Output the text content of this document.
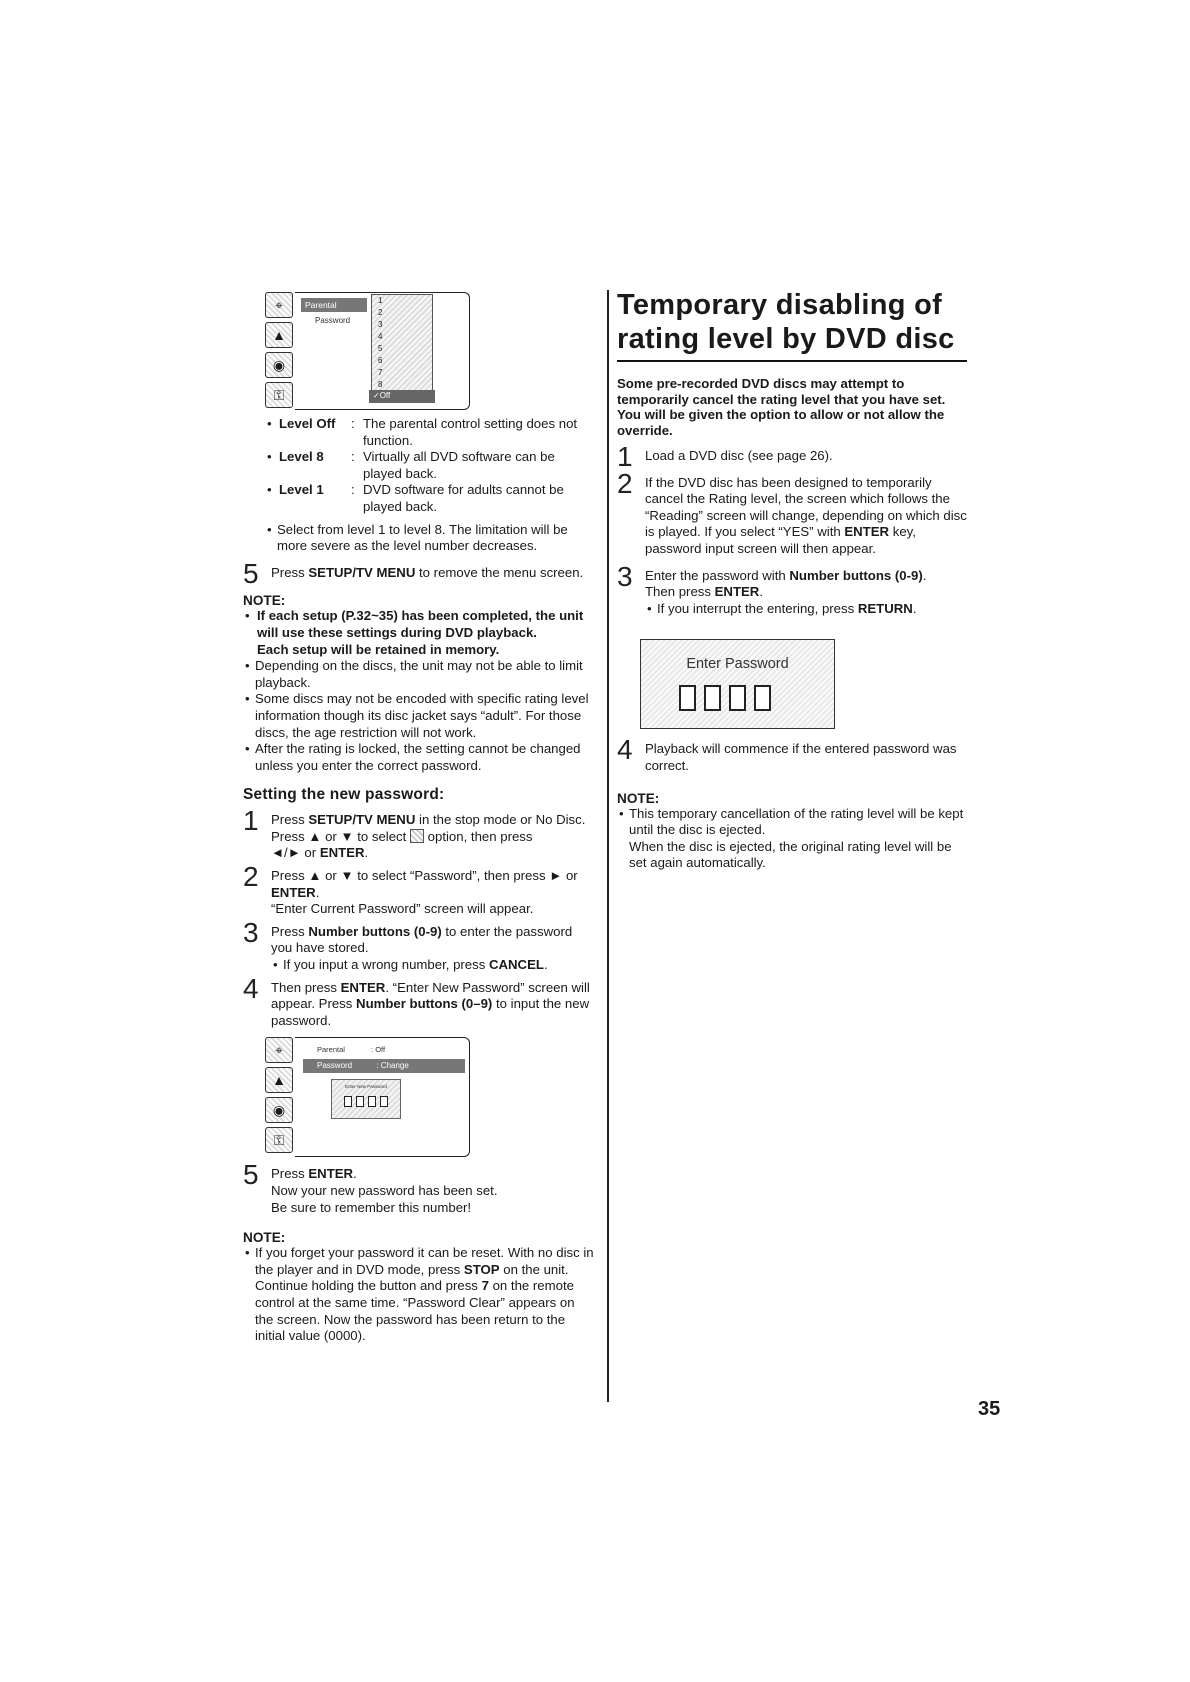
⌖
▲
◉
⚿
Parental
Password
1
2
3
4
5
6
7
8
✓Off
• Level Off	: The parental control setting does not function.
• Level 8	: Virtually all DVD software can be played back.
• Level 1	: DVD software for adults cannot be played back.
• Select from level 1 to level 8. The limitation will be more severe as the level number decreases.
5 Press SETUP/TV MENU to remove the menu screen.
NOTE:
• If each setup (P.32~35) has been completed, the unit will use these settings during DVD playback.
Each setup will be retained in memory.
• Depending on the discs, the unit may not be able to limit playback.
• Some discs may not be encoded with specific rating level information though its disc jacket says “adult”. For those discs, the age restriction will not work.
• After the rating is locked, the setting cannot be changed unless you enter the correct password.
Setting the new password:
1 Press SETUP/TV MENU in the stop mode or No Disc.
Press ▲ or ▼ to select  option, then press
◄/► or ENTER.
2 Press ▲ or ▼ to select “Password”, then press ► or ENTER.
“Enter Current Password” screen will appear.
3 Press Number buttons (0-9) to enter the password you have stored.
• If you input a wrong number, press CANCEL.
4 Then press ENTER. “Enter New Password” screen will appear. Press Number buttons (0–9) to input the new password.
⌖
▲
◉
⚿
Parental	: Off
Password	: Change
Enter New Password
5 Press ENTER.
Now your new password has been set.
Be sure to remember this number!
NOTE:
• If you forget your password it can be reset. With no disc in the player and in DVD mode, press STOP on the unit. Continue holding the button and press 7 on the remote control at the same time. “Password Clear” appears on the screen. Now the password has been return to the initial value (0000).
Temporary disabling of rating level by DVD disc
Some pre-recorded DVD discs may attempt to temporarily cancel the rating level that you have set. You will be given the option to allow or not allow the override.
1 Load a DVD disc (see page 26).
2 If the DVD disc has been designed to temporarily cancel the Rating level, the screen which follows the “Reading” screen will change, depending on which disc is played. If you select “YES” with ENTER key, password input screen will then appear.
3 Enter the password with Number buttons (0-9).
Then press ENTER.
• If you interrupt the entering, press RETURN.
Enter Password
4 Playback will commence if the entered password was correct.
NOTE:
• This temporary cancellation of the rating level will be kept until the disc is ejected.
When the disc is ejected, the original rating level will be set again automatically.
35
